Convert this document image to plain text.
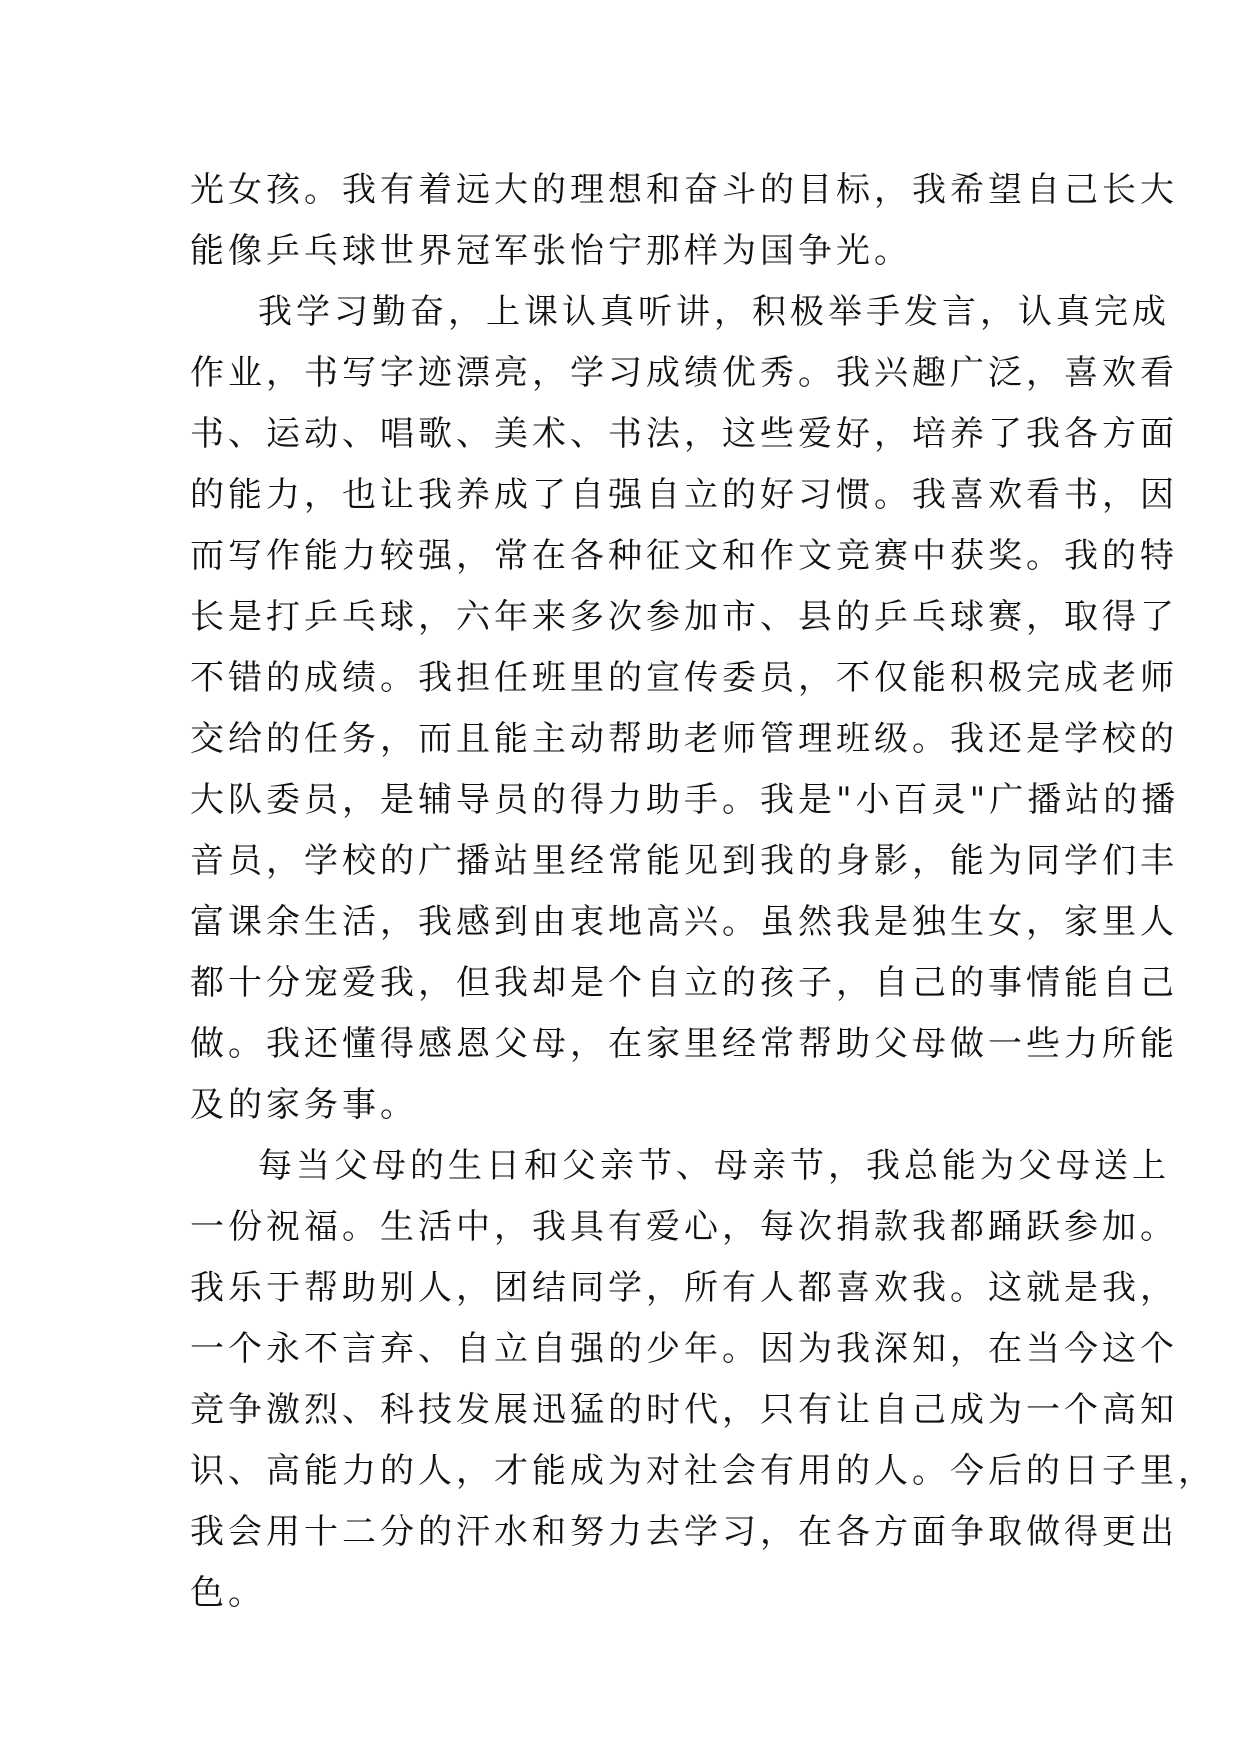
光女孩。我有着远大的理想和奋斗的目标，我希望自己长大
能像乒乓球世界冠军张怡宁那样为国争光。
我学习勤奋，上课认真听讲，积极举手发言，认真完成
作业，书写字迹漂亮，学习成绩优秀。我兴趣广泛，喜欢看
书、运动、唱歌、美术、书法，这些爱好，培养了我各方面
的能力，也让我养成了自强自立的好习惯。我喜欢看书，因
而写作能力较强，常在各种征文和作文竞赛中获奖。我的特
长是打乒乓球，六年来多次参加市、县的乒乓球赛，取得了
不错的成绩。我担任班里的宣传委员，不仅能积极完成老师
交给的任务，而且能主动帮助老师管理班级。我还是学校的
大队委员，是辅导员的得力助手。我是"小百灵"广播站的播
音员，学校的广播站里经常能见到我的身影，能为同学们丰
富课余生活，我感到由衷地高兴。虽然我是独生女，家里人
都十分宠爱我，但我却是个自立的孩子，自己的事情能自己
做。我还懂得感恩父母，在家里经常帮助父母做一些力所能
及的家务事。
每当父母的生日和父亲节、母亲节，我总能为父母送上
一份祝福。生活中，我具有爱心，每次捐款我都踊跃参加。
我乐于帮助别人，团结同学，所有人都喜欢我。这就是我，
一个永不言弃、自立自强的少年。因为我深知，在当今这个
竞争激烈、科技发展迅猛的时代，只有让自己成为一个高知
识、高能力的人，才能成为对社会有用的人。今后的日子里，
我会用十二分的汗水和努力去学习，在各方面争取做得更出
色。
